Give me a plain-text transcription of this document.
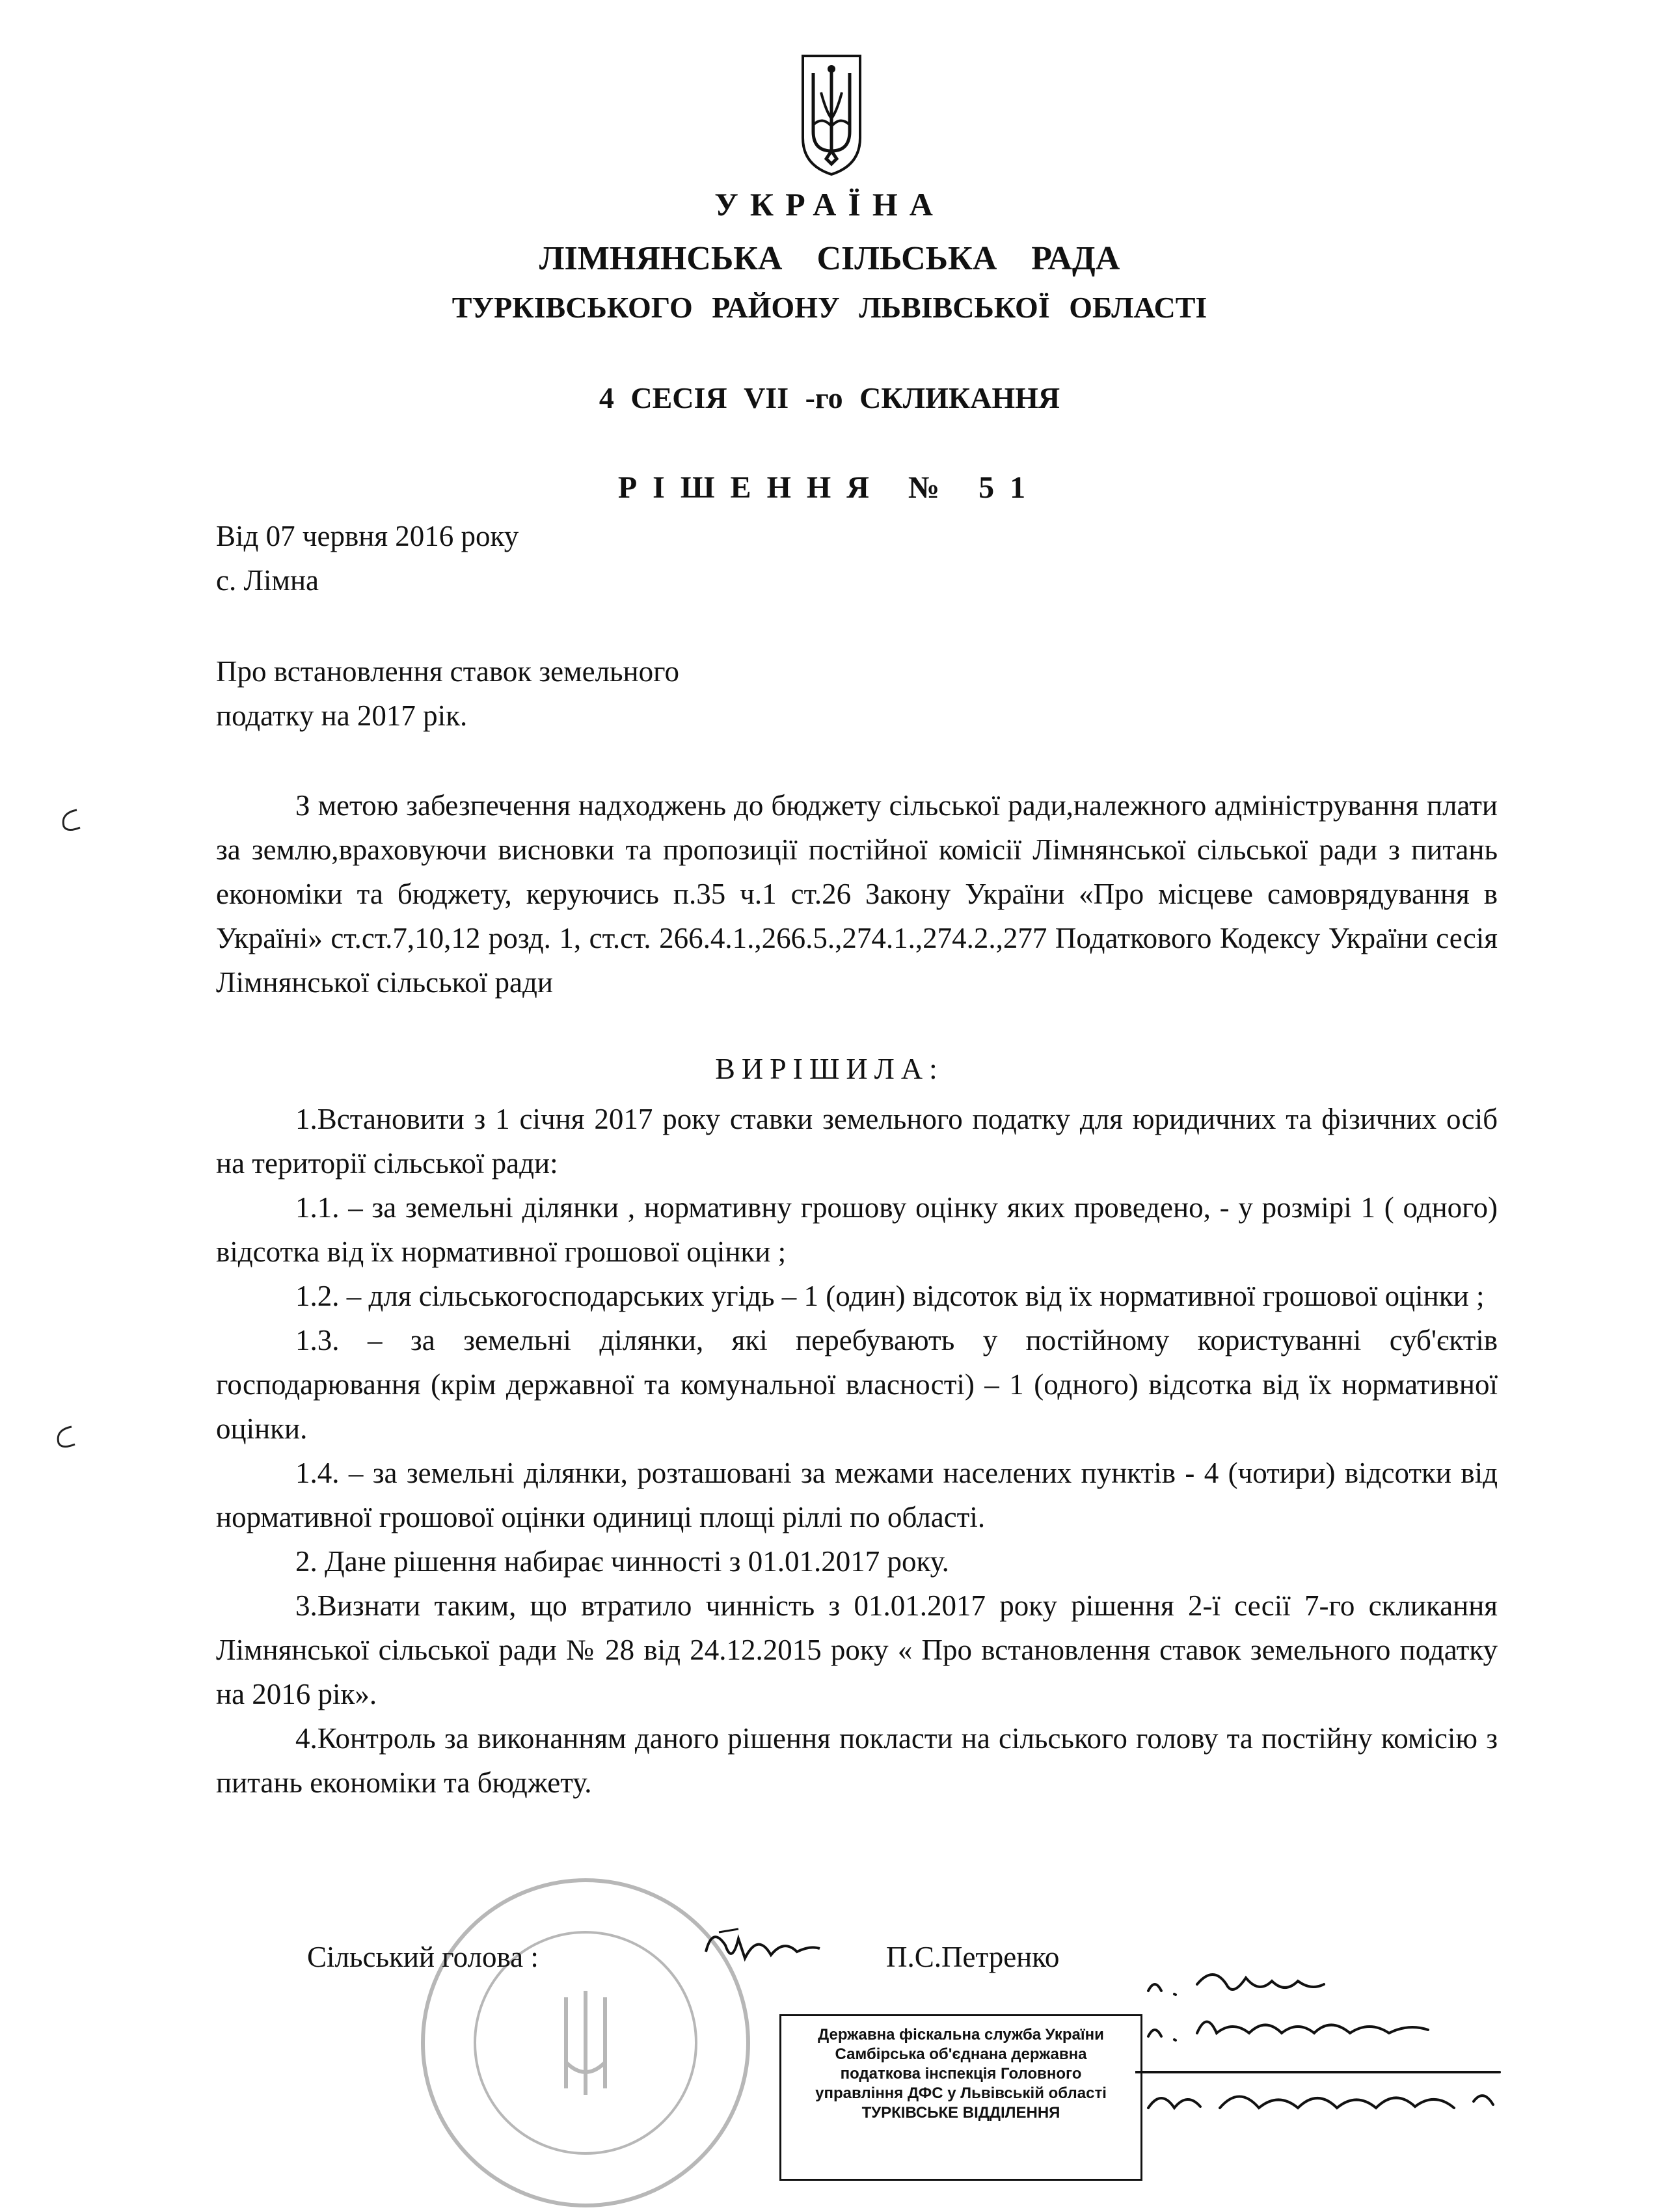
УКРАЇНА
ЛІМНЯНСЬКА СІЛЬСЬКА РАДА
ТУРКІВСЬКОГО РАЙОНУ ЛЬВІВСЬКОЇ ОБЛАСТІ
4 СЕСІЯ VII -го СКЛИКАННЯ
РІШЕННЯ № 51
Від 07 червня 2016 року
с. Лімна
Про встановлення ставок земельного
податку на 2017 рік.

З метою забезпечення надходжень до бюджету сільської ради,належного адміністрування плати за землю,враховуючи висновки та пропозиції постійної комісії Лімнянської сільської ради з питань економіки та бюджету, керуючись п.35 ч.1 ст.26 Закону України «Про місцеве самоврядування в Україні» ст.ст.7,10,12 розд. 1, ст.ст. 266.4.1.,266.5.,274.1.,274.2.,277 Податкового Кодексу України сесія Лімнянської сільської ради

ВИРІШИЛА:

1.Встановити з 1 січня 2017 року ставки земельного податку для юридичних та фізичних осіб на території сільської ради:

1.1. – за земельні ділянки , нормативну грошову оцінку яких проведено, - у розмірі 1 ( одного) відсотка від їх нормативної грошової оцінки ;

1.2. – для сільськогосподарських угідь – 1 (один) відсоток від їх нормативної грошової оцінки ;

1.3. – за земельні ділянки, які перебувають у постійному користуванні суб'єктів господарювання (крім державної та комунальної власності) – 1 (одного) відсотка від їх нормативної оцінки.

1.4. – за земельні ділянки, розташовані за межами населених пунктів - 4 (чотири) відсотки від нормативної грошової оцінки одиниці площі ріллі по області.

2. Дане рішення набирає чинності з 01.01.2017 року.

3.Визнати таким, що втратило чинність з 01.01.2017 року рішення 2-ї сесії 7-го скликання Лімнянської сільської ради № 28 від 24.12.2015 року « Про встановлення ставок земельного податку на 2016 рік».

4.Контроль за виконанням даного рішення покласти на сільського голову та постійну комісію з питань економіки та бюджету.

Сільський голова :	П.С.Петренко
Державна фіскальна служба України
Самбірська об'єднана державна
податкова інспекція Головного
управління ДФС у Львівській області
ТУРКІВСЬКЕ ВІДДІЛЕННЯ
